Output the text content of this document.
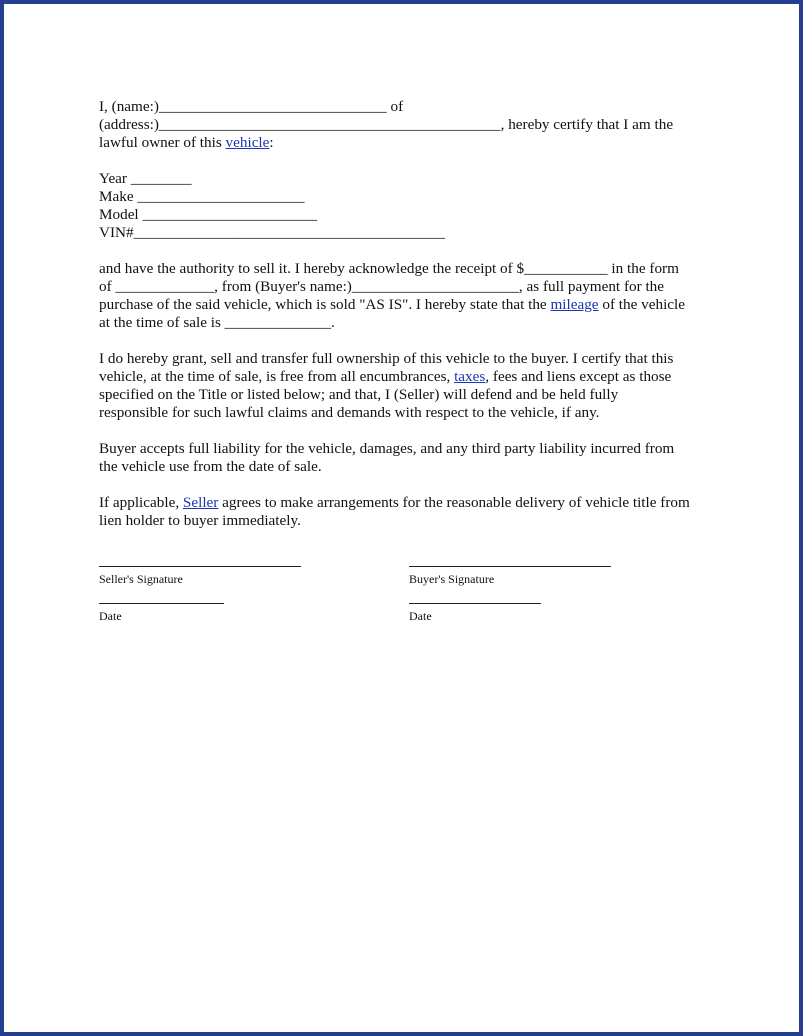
I, (name:)______________________________ of
(address:)_____________________________________________, hereby certify that I am the
lawful owner of this vehicle:
Year ________
Make ______________________
Model _______________________
VIN#_________________________________________
and have the authority to sell it. I hereby acknowledge the receipt of $___________ in the form
of _____________, from (Buyer's name:)______________________, as full payment for the
purchase of the said vehicle, which is sold "AS IS". I hereby state that the mileage of the vehicle
at the time of sale is ______________.
I do hereby grant, sell and transfer full ownership of this vehicle to the buyer. I certify that this
vehicle, at the time of sale, is free from all encumbrances, taxes, fees and liens except as those
specified on the Title or listed below; and that, I (Seller) will defend and be held fully
responsible for such lawful claims and demands with respect to the vehicle, if any.
Buyer accepts full liability for the vehicle, damages, and any third party liability incurred from
the vehicle use from the date of sale.
If applicable, Seller agrees to make arrangements for the reasonable delivery of vehicle title from
lien holder to buyer immediately.
Seller's Signature	Buyer's Signature
Date	Date
